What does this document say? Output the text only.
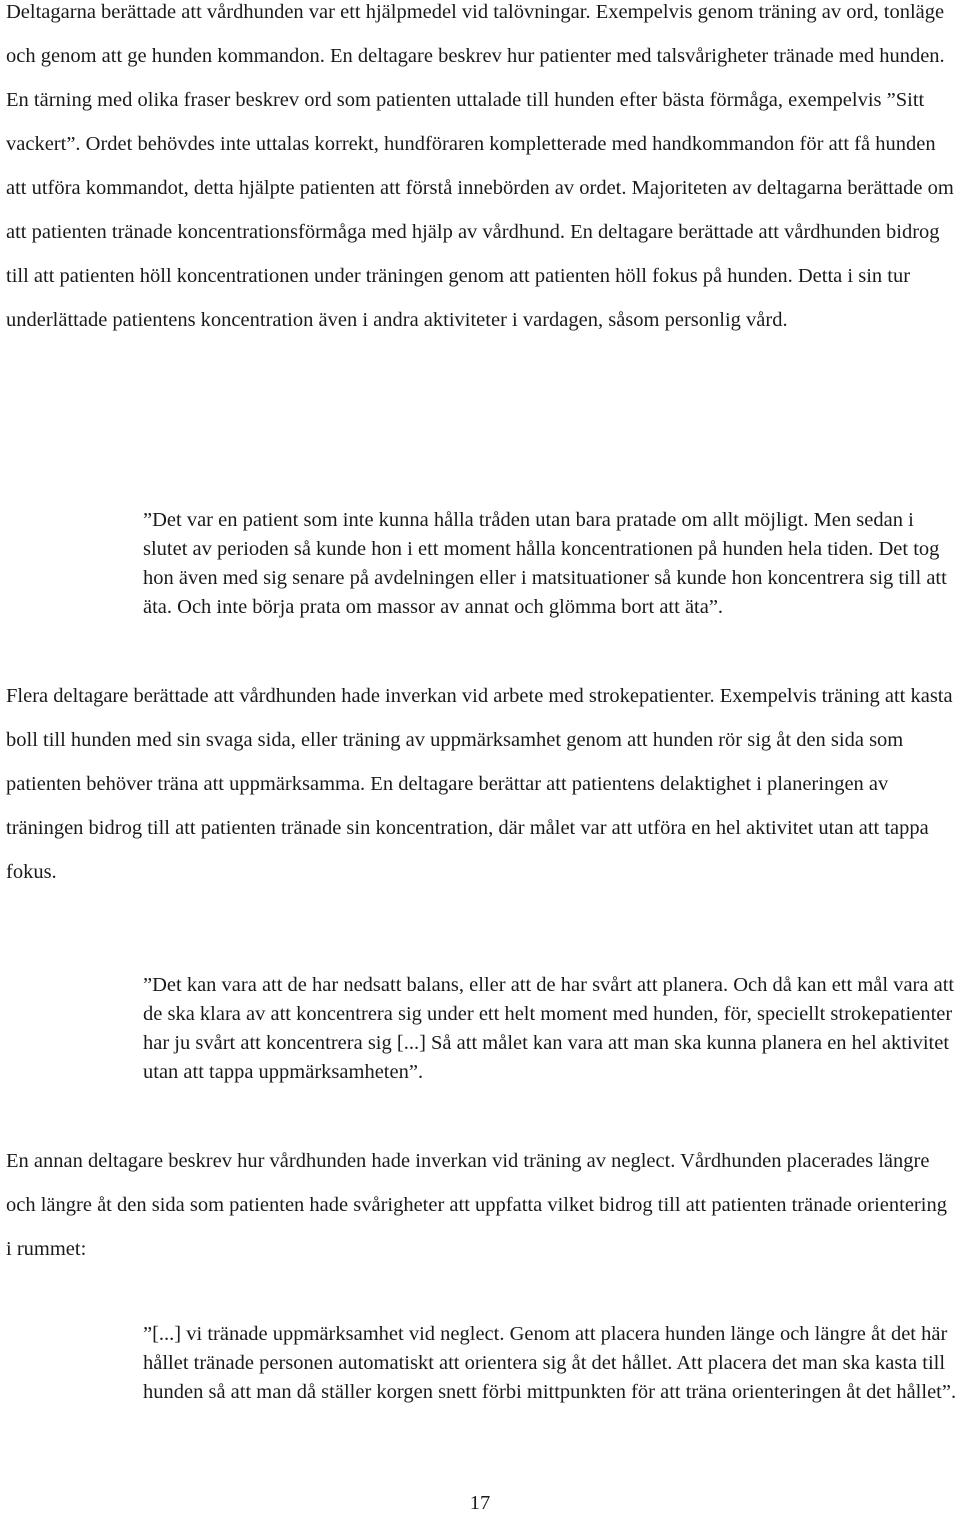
Deltagarna berättade att vårdhunden var ett hjälpmedel vid talövningar. Exempelvis genom träning av ord, tonläge och genom att ge hunden kommandon. En deltagare beskrev hur patienter med talsvårigheter tränade med hunden. En tärning med olika fraser beskrev ord som patienten uttalade till hunden efter bästa förmåga, exempelvis ”Sitt vackert”. Ordet behövdes inte uttalas korrekt, hundföraren kompletterade med handkommandon för att få hunden att utföra kommandot, detta hjälpte patienten att förstå innebörden av ordet. Majoriteten av deltagarna berättade om att patienten tränade koncentrationsförmåga med hjälp av vårdhund. En deltagare berättade att vårdhunden bidrog till att patienten höll koncentrationen under träningen genom att patienten höll fokus på hunden. Detta i sin tur underlättade patientens koncentration även i andra aktiviteter i vardagen, såsom personlig vård.

”Det var en patient som inte kunna hålla tråden utan bara pratade om allt möjligt. Men sedan i slutet av perioden så kunde hon i ett moment hålla koncentrationen på hunden hela tiden. Det tog hon även med sig senare på avdelningen eller i matsituationer så kunde hon koncentrera sig till att äta. Och inte börja prata om massor av annat och glömma bort att äta”.

Flera deltagare berättade att vårdhunden hade inverkan vid arbete med strokepatienter. Exempelvis träning att kasta boll till hunden med sin svaga sida, eller träning av uppmärksamhet genom att hunden rör sig åt den sida som patienten behöver träna att uppmärksamma. En deltagare berättar att patientens delaktighet i planeringen av träningen bidrog till att patienten tränade sin koncentration, där målet var att utföra en hel aktivitet utan att tappa fokus.

”Det kan vara att de har nedsatt balans, eller att de har svårt att planera. Och då kan ett mål vara att de ska klara av att koncentrera sig under ett helt moment med hunden, för, speciellt strokepatienter har ju svårt att koncentrera sig [...] Så att målet kan vara att man ska kunna planera en hel aktivitet utan att tappa uppmärksamheten”.

En annan deltagare beskrev hur vårdhunden hade inverkan vid träning av neglect. Vårdhunden placerades längre och längre åt den sida som patienten hade svårigheter att uppfatta vilket bidrog till att patienten tränade orientering i rummet:

”[...] vi tränade uppmärksamhet vid neglect. Genom att placera hunden länge och längre åt det här hållet tränade personen automatiskt att orientera sig åt det hållet. Att placera det man ska kasta till hunden så att man då ställer korgen snett förbi mittpunkten för att träna orienteringen åt det hållet”.

17
